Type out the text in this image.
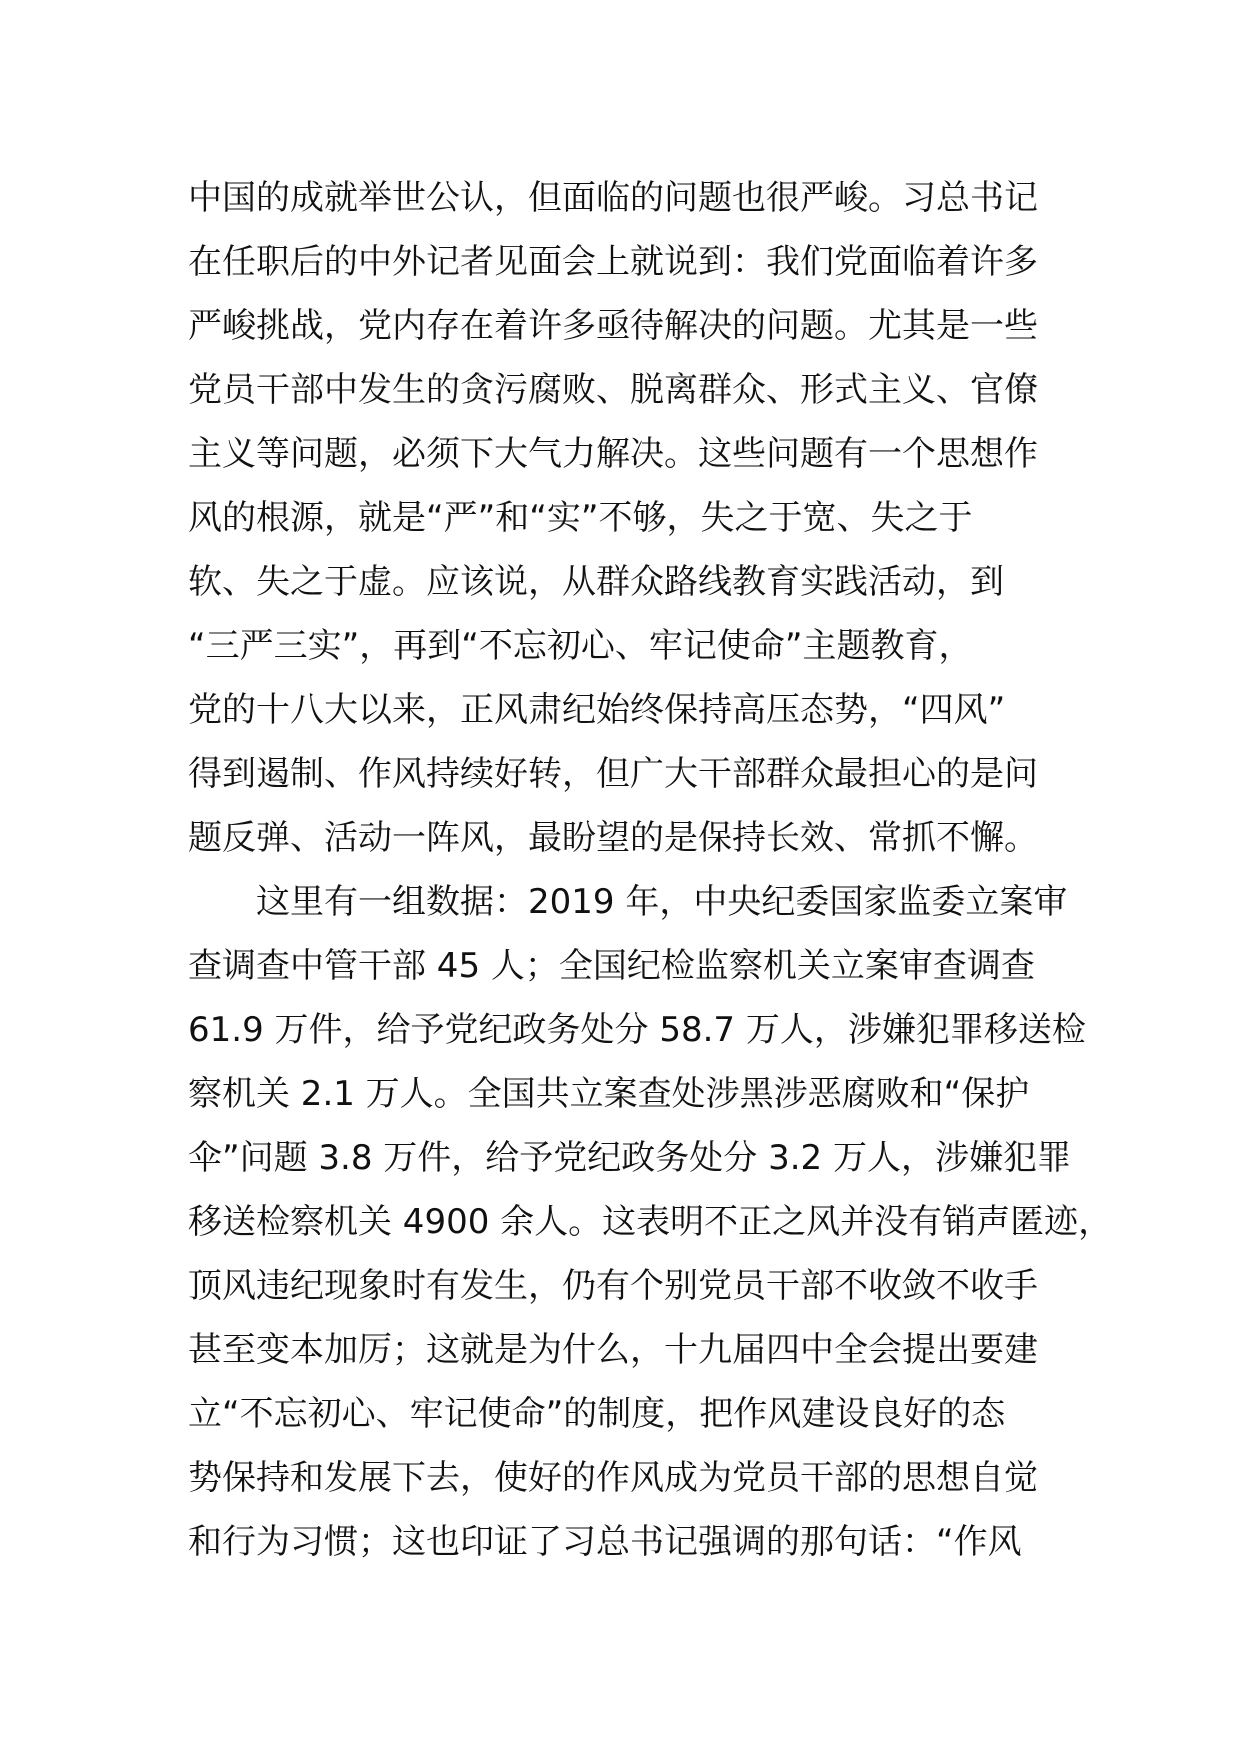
中国的成就举世公认，但面临的问题也很严峻。习总书记
在任职后的中外记者见面会上就说到：我们党面临着许多
严峻挑战，党内存在着许多亟待解决的问题。尤其是一些
党员干部中发生的贪污腐败、脱离群众、形式主义、官僚
主义等问题，必须下大气力解决。这些问题有一个思想作
风的根源，就是“严”和“实”不够，失之于宽、失之于
软、失之于虚。应该说，从群众路线教育实践活动，到
“三严三实”，再到“不忘初心、牢记使命”主题教育，
党的十八大以来，正风肃纪始终保持高压态势，“四风”
得到遏制、作风持续好转，但广大干部群众最担心的是问
题反弹、活动一阵风，最盼望的是保持长效、常抓不懈。
这里有一组数据：2019 年，中央纪委国家监委立案审
查调查中管干部 45 人；全国纪检监察机关立案审查调查
61.9 万件，给予党纪政务处分 58.7 万人，涉嫌犯罪移送检
察机关 2.1 万人。全国共立案查处涉黑涉恶腐败和“保护
伞”问题 3.8 万件，给予党纪政务处分 3.2 万人，涉嫌犯罪
移送检察机关 4900 余人。这表明不正之风并没有销声匿迹，
顶风违纪现象时有发生，仍有个别党员干部不收敛不收手
甚至变本加厉；这就是为什么，十九届四中全会提出要建
立“不忘初心、牢记使命”的制度，把作风建设良好的态
势保持和发展下去，使好的作风成为党员干部的思想自觉
和行为习惯；这也印证了习总书记强调的那句话：“作风
